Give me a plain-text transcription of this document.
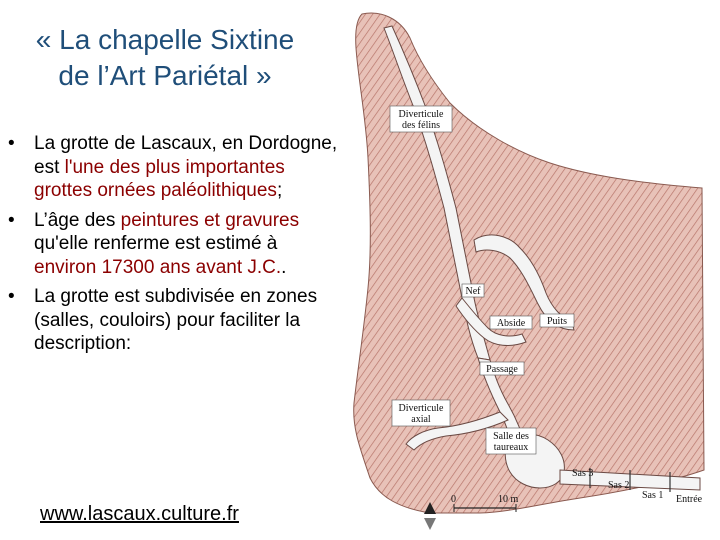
« La chapelle Sixtine
de l’Art Pariétal »
•	La grotte de Lascaux, en Dordogne, est l'une des plus importantes grottes ornées paléolithiques;
•	L’âge des peintures et gravures qu'elle renferme est estimé à environ 17300 ans avant J.C..
•	La grotte est subdivisée en zones (salles, couloirs) pour faciliter la description:
www.lascaux.culture.fr
Diverticule
des félins
Nef
Abside Puits
Passage
Diverticule
axial
Salle des
taureaux
Sas 3
Sas 2
Sas 1 Entrée
0	10 m
